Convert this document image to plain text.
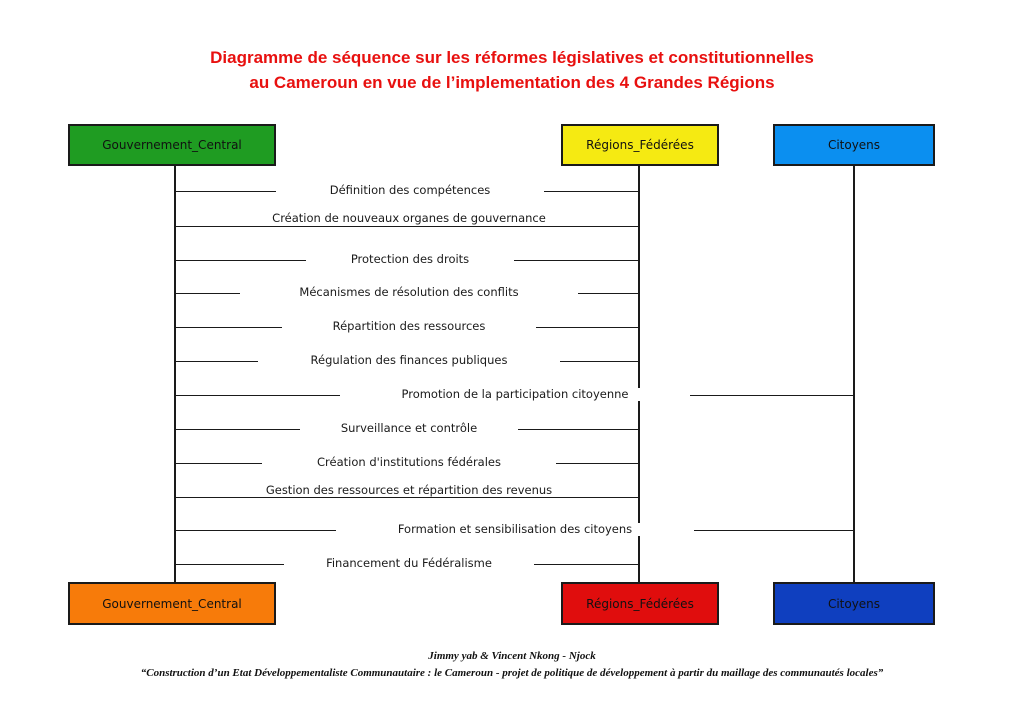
Diagramme de séquence sur les réformes législatives et constitutionnelles
au Cameroun en vue de l’implementation des 4 Grandes Régions
Gouvernement_Central	Régions_Fédérées	Citoyens
Définition des compétences
Création de nouveaux organes de gouvernance
Protection des droits
Mécanismes de résolution des conflits
Répartition des ressources
Régulation des finances publiques
Promotion de la participation citoyenne
Surveillance et contrôle
Création d'institutions fédérales
Gestion des ressources et répartition des revenus
Formation et sensibilisation des citoyens
Financement du Fédéralisme
Gouvernement_Central	Régions_Fédérées	Citoyens
Jimmy yab & Vincent Nkong - Njock
“Construction d’un Etat Développementaliste Communautaire : le Cameroun - projet de politique de développement à partir du maillage des communautés locales”
